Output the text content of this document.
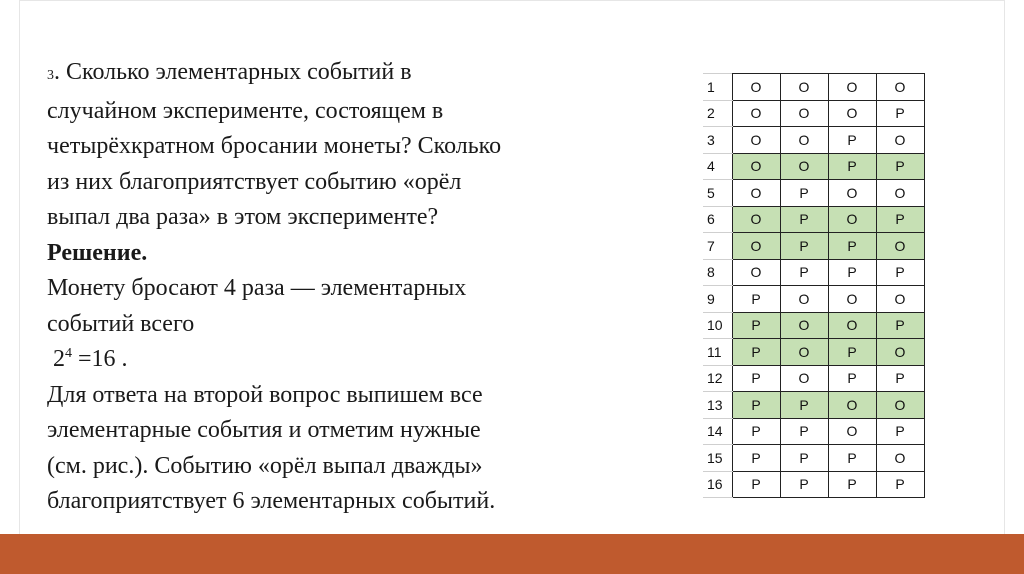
3. Сколько элементарных событий в
случайном эксперименте, состоящем в
четырёхкратном бросании монеты? Сколько
из них благоприятствует событию «орёл
выпал два раза» в этом эксперименте?
Решение.
Монету бросают 4 раза — элементарных
событий всего
$2^4 =16$ .
Для ответа на второй вопрос выпишем все
элементарные события и отметим нужные
(см. рис.). Событию «орёл выпал дважды»
благоприятствует 6 элементарных событий.
1	О	О	О	О
2	О	О	О	Р
3	О	О	Р	О
4	О	О	Р	Р
5	О	Р	О	О
6	О	Р	О	Р
7	О	Р	Р	О
8	О	Р	Р	Р
9	Р	О	О	О
10	Р	О	О	Р
11	Р	О	Р	О
12	Р	О	Р	Р
13	Р	Р	О	О
14	Р	Р	О	Р
15	Р	Р	Р	О
16	Р	Р	Р	Р
